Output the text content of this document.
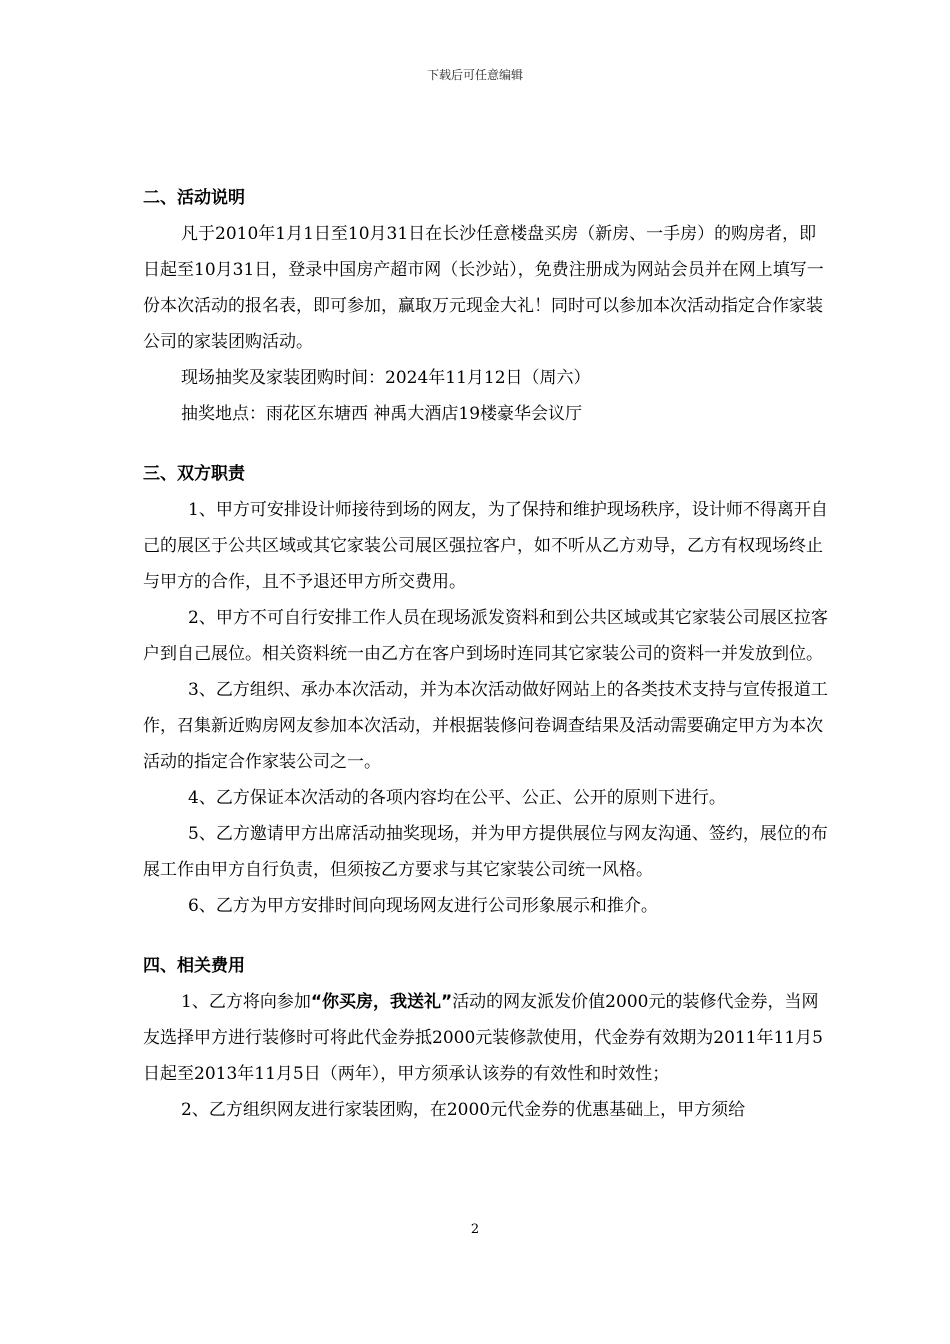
下载后可任意编辑

二、活动说明

凡于2010年1月1日至10月31日在长沙任意楼盘买房（新房、一手房）的购房者，即日起至10月31日，登录中国房产超市网（长沙站），免费注册成为网站会员并在网上填写一份本次活动的报名表，即可参加，赢取万元现金大礼！同时可以参加本次活动指定合作家装公司的家装团购活动。

现场抽奖及家装团购时间：2024年11月12日（周六）

抽奖地点：雨花区东塘西 神禹大酒店19楼豪华会议厅

三、双方职责

1、甲方可安排设计师接待到场的网友，为了保持和维护现场秩序，设计师不得离开自己的展区于公共区域或其它家装公司展区强拉客户，如不听从乙方劝导，乙方有权现场终止与甲方的合作，且不予退还甲方所交费用。

2、甲方不可自行安排工作人员在现场派发资料和到公共区域或其它家装公司展区拉客户到自己展位。相关资料统一由乙方在客户到场时连同其它家装公司的资料一并发放到位。

3、乙方组织、承办本次活动，并为本次活动做好网站上的各类技术支持与宣传报道工作，召集新近购房网友参加本次活动，并根据装修问卷调查结果及活动需要确定甲方为本次活动的指定合作家装公司之一。

4、乙方保证本次活动的各项内容均在公平、公正、公开的原则下进行。

5、乙方邀请甲方出席活动抽奖现场，并为甲方提供展位与网友沟通、签约，展位的布展工作由甲方自行负责，但须按乙方要求与其它家装公司统一风格。

6、乙方为甲方安排时间向现场网友进行公司形象展示和推介。

四、相关费用

1、乙方将向参加“你买房，我送礼”活动的网友派发价值2000元的装修代金券，当网友选择甲方进行装修时可将此代金券抵2000元装修款使用，代金券有效期为2011年11月5日起至2013年11月5日（两年），甲方须承认该券的有效性和时效性；

2、乙方组织网友进行家装团购，在2000元代金券的优惠基础上，甲方须给

2
